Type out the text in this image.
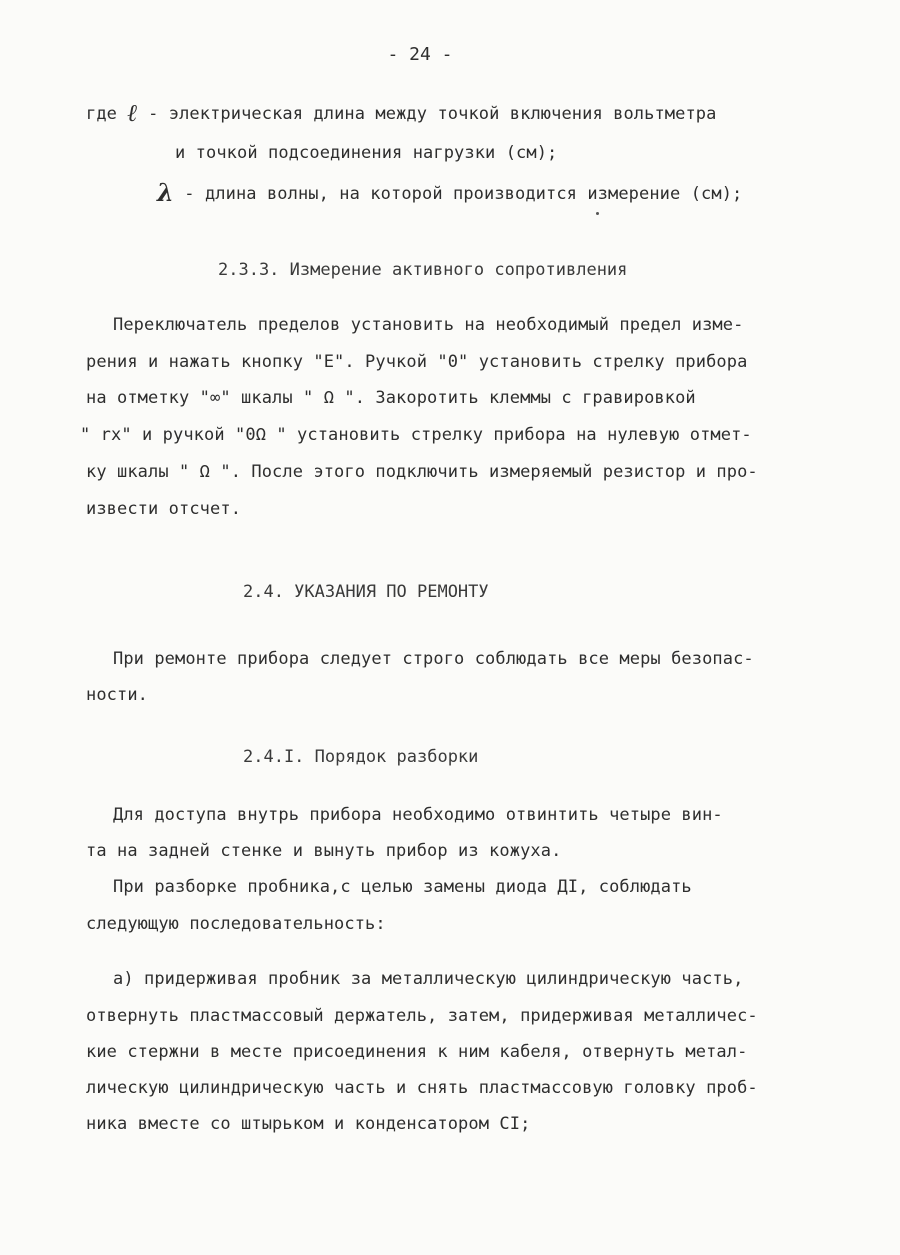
- 24 -
где ℓ - электрическая длина между точкой включения вольтметра
и точкой подсоединения нагрузки (см);
λ - длина волны, на которой производится измерение (см);
2.3.3. Измерение активного сопротивления
Переключатель пределов установить на необходимый предел изме-
рения и нажать кнопку "Е". Ручкой "0" установить стрелку прибора
на отметку "∞" шкалы " Ω ". Закоротить клеммы с гравировкой
" rx" и ручкой "0Ω " установить стрелку прибора на нулевую отмет-
ку шкалы " Ω ". После этого подключить измеряемый резистор и про-
извести отсчет.
2.4. УКАЗАНИЯ ПО РЕМОНТУ
При ремонте прибора следует строго соблюдать все меры безопас-
ности.
2.4.I. Порядок разборки
Для доступа внутрь прибора необходимо отвинтить четыре вин-
та на задней стенке и вынуть прибор из кожуха.
При разборке пробника,с целью замены диода ДI, соблюдать
следующую последовательность:
а) придерживая пробник за металлическую цилиндрическую часть,
отвернуть пластмассовый держатель, затем, придерживая металличес-
кие стержни в месте присоединения к ним кабеля, отвернуть метал-
лическую цилиндрическую часть и снять пластмассовую головку проб-
ника вместе со штырьком и конденсатором СI;
